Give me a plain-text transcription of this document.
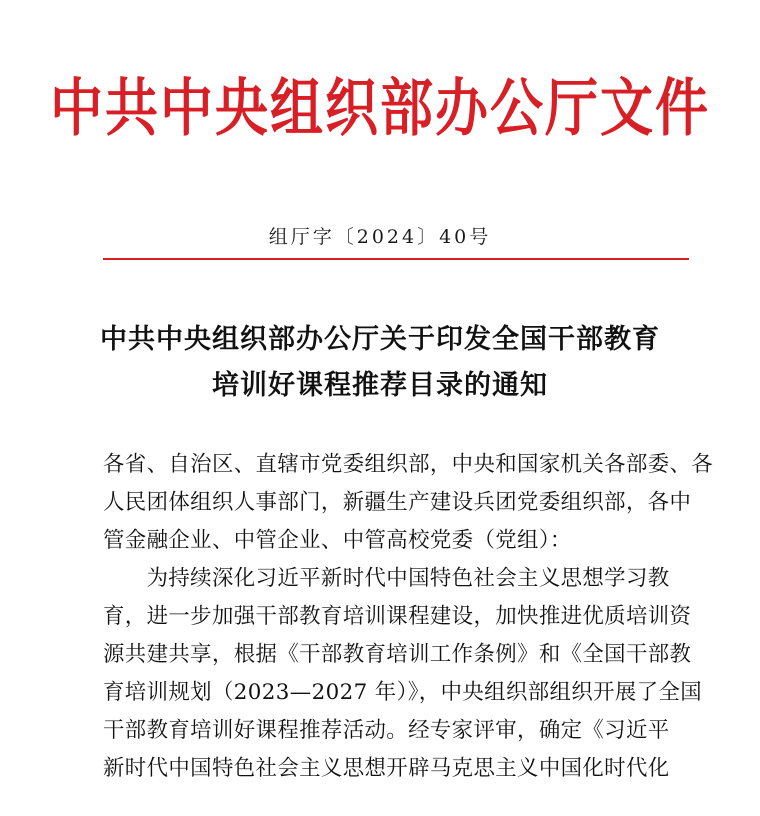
中共中央组织部办公厅文件
组厅字〔2024〕40号
中共中央组织部办公厅关于印发全国干部教育
培训好课程推荐目录的通知
各省、自治区、直辖市党委组织部，中央和国家机关各部委、各
人民团体组织人事部门，新疆生产建设兵团党委组织部，各中
管金融企业、中管企业、中管高校党委（党组）：
　　为持续深化习近平新时代中国特色社会主义思想学习教
育，进一步加强干部教育培训课程建设，加快推进优质培训资
源共建共享，根据《干部教育培训工作条例》和《全国干部教
育培训规划（2023—2027 年）》，中央组织部组织开展了全国
干部教育培训好课程推荐活动。经专家评审，确定《习近平
新时代中国特色社会主义思想开辟马克思主义中国化时代化
